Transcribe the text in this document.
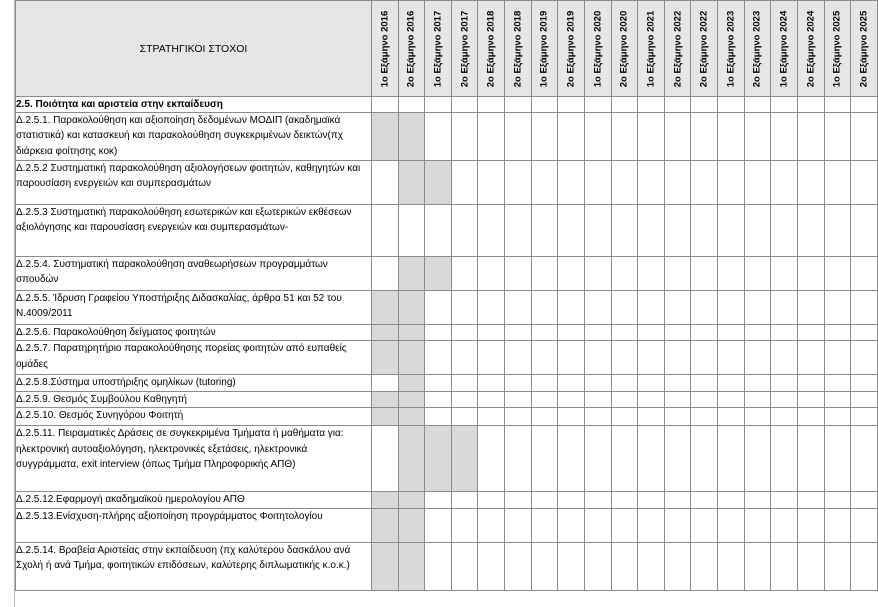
ΣΤΡΑΤΗΓΙΚΟΙ ΣΤΟΧΟΙ	1ο Εξάμηνο 2016	2ο Εξάμηνο 2016	1ο Εξάμηνο 2017	2ο Εξάμηνο 2017	2ο Εξάμηνο 2018	2ο Εξάμηνο 2018	1ο Εξάμηνο 2019	2ο Εξάμηνο 2019	1ο Εξάμηνο 2020	2ο Εξάμηνο 2020	1ο Εξάμηνο 2021	2ο Εξάμηνο 2022	2ο Εξάμηνο 2022	1ο Εξάμηνο 2023	2ο Εξάμηνο 2023	1ο Εξάμηνο 2024	2ο Εξάμηνο 2024	1ο Εξάμηνο 2025	2ο Εξάμηνο 2025

2.5. Ποιότητα και αριστεία στην εκπαίδευση																			
Δ.2.5.1. Παρακολούθηση και αξιοποίηση δεδομένων ΜΟΔΙΠ (ακαδημαϊκά στατιστικά) και κατασκευή και παρακολούθηση συγκεκριμένων δεικτών(πχ διάρκεια φοίτησης κοκ)																			
Δ.2.5.2 Συστηματική παρακολούθηση αξιολογήσεων φοιτητών, καθηγητών και παρουσίαση ενεργειών και συμπερασμάτων																			
Δ.2.5.3 Συστηματική παρακολούθηση εσωτερικών και εξωτερικών εκθέσεων αξιολόγησης και παρουσίαση ενεργειών και συμπερασμάτων-																			
Δ.2.5.4. Συστηματική παρακολούθηση αναθεωρήσεων προγραμμάτων σπουδών																			
Δ.2.5.5. Ίδρυση Γραφείου Υποστήριξης Διδασκαλίας, άρθρα 51 και 52 του Ν.4009/2011																			
Δ.2.5.6. Παρακολούθηση δείγματος φοιτητών																			
Δ.2.5.7. Παρατηρητήριο παρακολούθησης πορείας φοιτητών από ευπαθείς ομάδες																			
Δ.2.5.8.Σύστημα υποστήριξης ομηλίκων (tutoring)																			
Δ.2.5.9. Θεσμός Συμβούλου Καθηγητή																			
Δ.2.5.10. Θεσμός Συνηγόρου Φοιτητή																			
Δ.2.5.11. Πειραματικές Δράσεις σε συγκεκριμένα Τμήματα ή μαθήματα για: ηλεκτρονική αυτοαξιολόγηση, ηλεκτρονικές εξετάσεις, ηλεκτρονικά συγγράμματα, exit interview (όπως Τμήμα Πληροφορικής ΑΠΘ)																			
Δ.2.5.12.Εφαρμογή ακαδημαϊκού ημερολογίου ΑΠΘ																			
Δ.2.5.13.Ενίσχυση-πλήρης αξιοποίηση προγράμματος Φοιτητολογίου																			
Δ.2.5.14. Βραβεία Αριστείας στην εκπαίδευση (πχ καλύτερου δασκάλου ανά Σχολή ή ανά Τμήμα, φοιτητικών επιδόσεων, καλύτερης διπλωματικής κ.ο.κ.)																			
